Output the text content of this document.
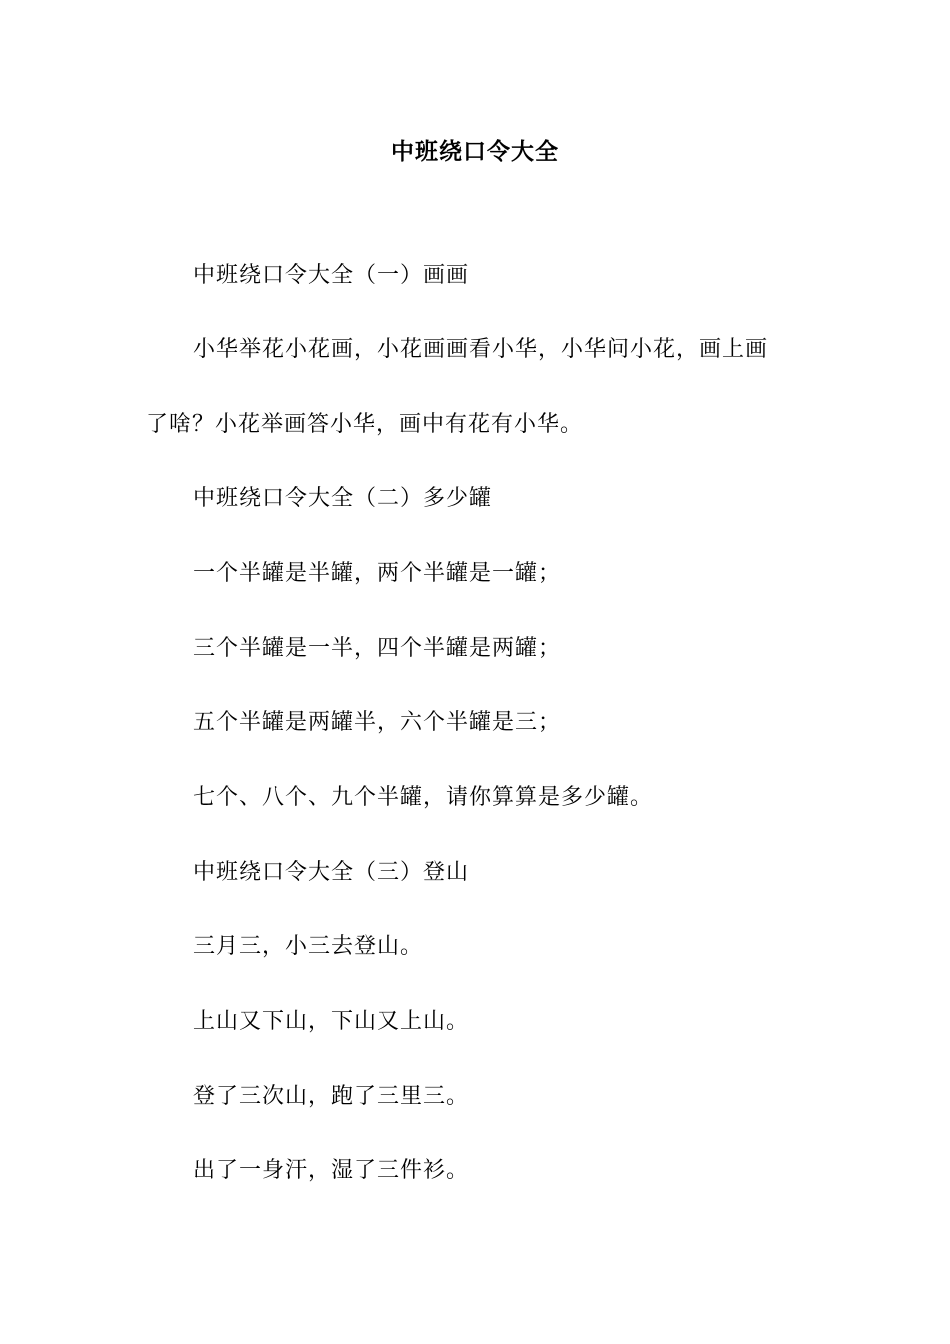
中班绕口令大全
中班绕口令大全（一）画画
小华举花小花画，小花画画看小华，小华问小花，画上画
了啥？小花举画答小华，画中有花有小华。
中班绕口令大全（二）多少罐
一个半罐是半罐，两个半罐是一罐；
三个半罐是一半，四个半罐是两罐；
五个半罐是两罐半，六个半罐是三；
七个、八个、九个半罐，请你算算是多少罐。
中班绕口令大全（三）登山
三月三，小三去登山。
上山又下山，下山又上山。
登了三次山，跑了三里三。
出了一身汗，湿了三件衫。
